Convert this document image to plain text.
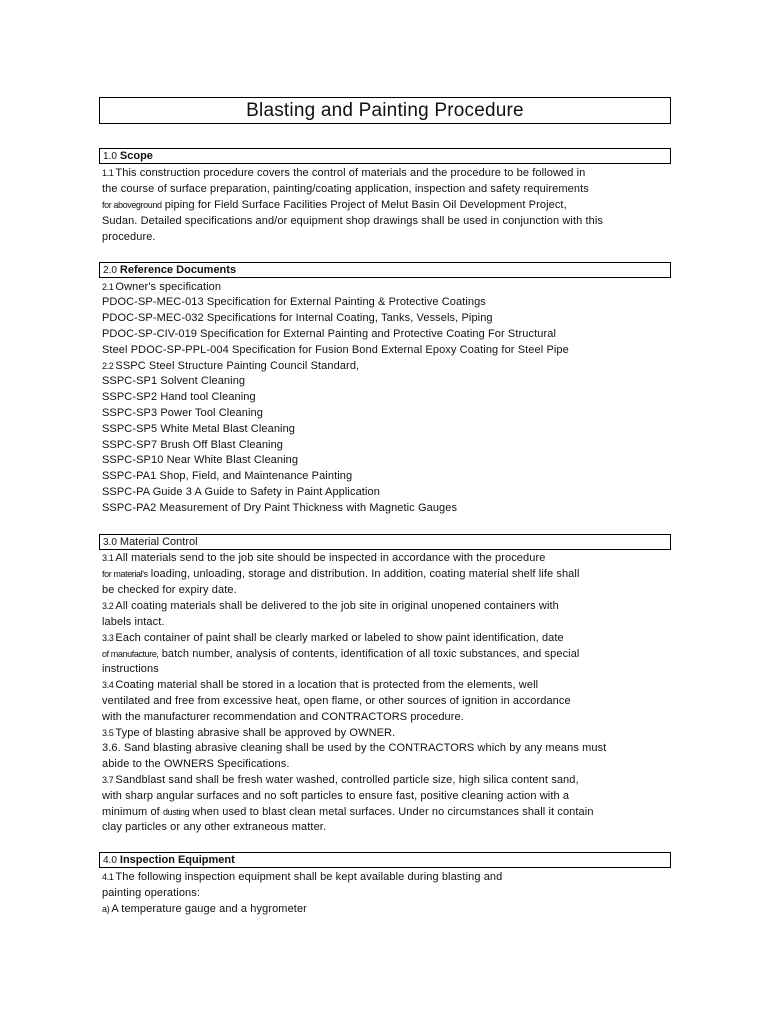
Blasting and Painting Procedure
1.0 Scope
1.1 This construction procedure covers the control of materials and the procedure to be followed in
the course of surface preparation, painting/coating application, inspection and safety requirements
for aboveground piping for Field Surface Facilities Project of Melut Basin Oil Development Project,
Sudan. Detailed specifications and/or equipment shop drawings shall be used in conjunction with this
procedure.
2.0 Reference Documents
2.1 Owner's specification
PDOC-SP-MEC-013 Specification for External Painting & Protective Coatings
PDOC-SP-MEC-032 Specifications for Internal Coating, Tanks, Vessels, Piping
PDOC-SP-CIV-019 Specification for External Painting and Protective Coating For Structural
Steel PDOC-SP-PPL-004 Specification for Fusion Bond External Epoxy Coating for Steel Pipe
2.2 SSPC Steel Structure Painting Council Standard,
SSPC-SP1 Solvent Cleaning
SSPC-SP2 Hand tool Cleaning
SSPC-SP3 Power Tool Cleaning
SSPC-SP5 White Metal Blast Cleaning
SSPC-SP7 Brush Off Blast Cleaning
SSPC-SP10 Near White Blast Cleaning
SSPC-PA1 Shop, Field, and Maintenance Painting
SSPC-PA Guide 3 A Guide to Safety in Paint Application
SSPC-PA2 Measurement of Dry Paint Thickness with Magnetic Gauges
3.0 Material Control
3.1 All materials send to the job site should be inspected in accordance with the procedure
for material's loading, unloading, storage and distribution. In addition, coating material shelf life shall
be checked for expiry date.
3.2 All coating materials shall be delivered to the job site in original unopened containers with
labels intact.
3.3 Each container of paint shall be clearly marked or labeled to show paint identification, date
of manufacture, batch number, analysis of contents, identification of all toxic substances, and special
instructions
3.4 Coating material shall be stored in a location that is protected from the elements, well
ventilated and free from excessive heat, open flame, or other sources of ignition in accordance
with the manufacturer recommendation and CONTRACTORS procedure.
3.5 Type of blasting abrasive shall be approved by OWNER.
3.6. Sand blasting abrasive cleaning shall be used by the CONTRACTORS which by any means must
abide to the OWNERS Specifications.
3.7 Sandblast sand shall be fresh water washed, controlled particle size, high silica content sand,
with sharp angular surfaces and no soft particles to ensure fast, positive cleaning action with a
minimum of dusting when used to blast clean metal surfaces. Under no circumstances shall it contain
clay particles or any other extraneous matter.
4.0 Inspection Equipment
4.1 The following inspection equipment shall be kept available during blasting and
painting operations:
a) A temperature gauge and a hygrometer
